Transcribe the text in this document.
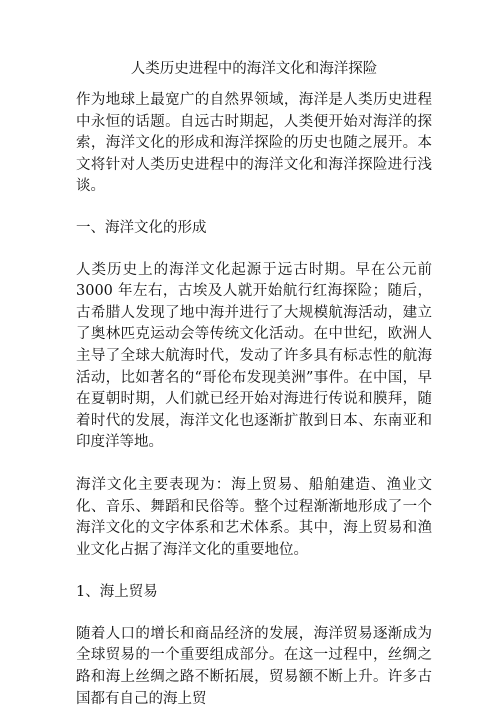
人类历史进程中的海洋文化和海洋探险

作为地球上最宽广的自然界领域，海洋是人类历史进程中永恒的话题。自远古时期起，人类便开始对海洋的探索，海洋文化的形成和海洋探险的历史也随之展开。本文将针对人类历史进程中的海洋文化和海洋探险进行浅谈。

一、海洋文化的形成

人类历史上的海洋文化起源于远古时期。早在公元前 3000 年左右，古埃及人就开始航行红海探险；随后，古希腊人发现了地中海并进行了大规模航海活动，建立了奥林匹克运动会等传统文化活动。在中世纪，欧洲人主导了全球大航海时代，发动了许多具有标志性的航海活动，比如著名的“哥伦布发现美洲”事件。在中国，早在夏朝时期，人们就已经开始对海进行传说和膜拜，随着时代的发展，海洋文化也逐渐扩散到日本、东南亚和印度洋等地。

海洋文化主要表现为：海上贸易、船舶建造、渔业文化、音乐、舞蹈和民俗等。整个过程渐渐地形成了一个海洋文化的文字体系和艺术体系。其中，海上贸易和渔业文化占据了海洋文化的重要地位。

1、海上贸易

随着人口的增长和商品经济的发展，海洋贸易逐渐成为全球贸易的一个重要组成部分。在这一过程中，丝绸之路和海上丝绸之路不断拓展，贸易额不断上升。许多古国都有自己的海上贸
